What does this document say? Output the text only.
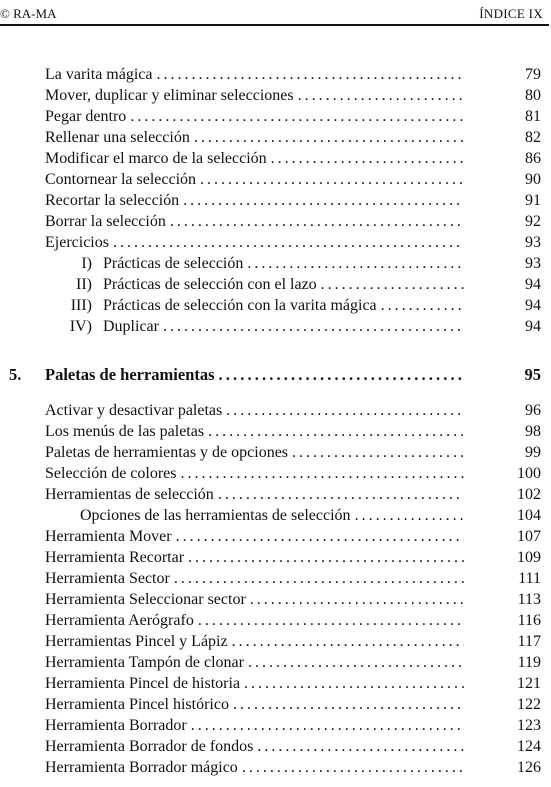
© RA-MA	ÍNDICE IX
La varita mágica . . .	79
Mover, duplicar y eliminar selecciones . . .	80
Pegar dentro . . .	81
Rellenar una selección . . .	82
Modificar el marco de la selección . . .	86
Contornear la selección . . .	90
Recortar la selección . . .	91
Borrar la selección . . .	92
Ejercicios . . .	93
I) Prácticas de selección . . .	93
II) Prácticas de selección con el lazo . . .	94
III) Prácticas de selección con la varita mágica . . .	94
IV) Duplicar . . .	94
5.	Paletas de herramientas . . .	95
Activar y desactivar paletas . . .	96
Los menús de las paletas . . .	98
Paletas de herramientas y de opciones . . .	99
Selección de colores . . .	100
Herramientas de selección . . .	102
Opciones de las herramientas de selección . . .	104
Herramienta Mover . . .	107
Herramienta Recortar . . .	109
Herramienta Sector . . .	111
Herramienta Seleccionar sector . . .	113
Herramienta Aerógrafo . . .	116
Herramientas Pincel y Lápiz . . .	117
Herramienta Tampón de clonar . . .	119
Herramienta Pincel de historia . . .	121
Herramienta Pincel histórico . . .	122
Herramienta Borrador . . .	123
Herramienta Borrador de fondos . . .	124
Herramienta Borrador mágico . . .	126
